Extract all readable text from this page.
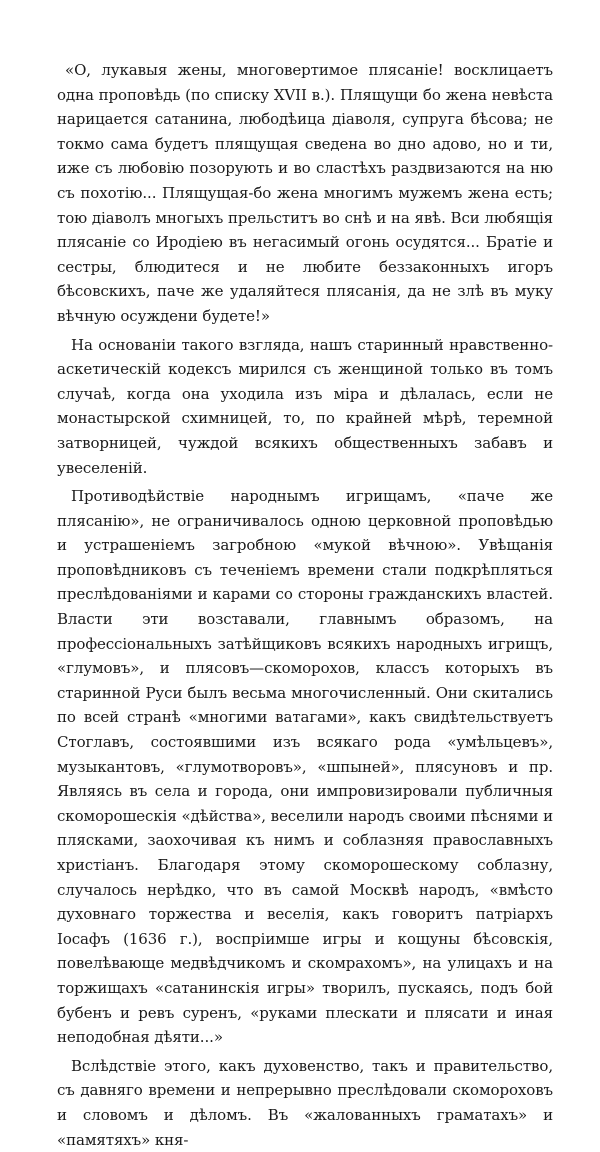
«О, лукавыя жены, многовертимое плясаніе! восклицаетъ одна проповѣдь (по списку XVII в.). Плящущи бо жена невѣста нарицается сатанина, любодѣица діаволя, супруга бѣсова; не токмо сама будетъ плящущая сведена во дно адово, но и ти, иже съ любовію позорують и во сластѣхъ раздвизаются на ню съ похотію... Плящущая-бо жена многимъ мужемъ жена есть; тою діаволъ многыхъ прельститъ во снѣ и на явѣ. Вси любящія плясаніе со Иродіею въ негасимый огонь осудятся... Братіе и сестры, блюдитеся и не любите беззаконныхъ игоръ бѣсовскихъ, паче же удаляйтеся плясанія, да не злѣ въ муку вѣчную осуждени будете!»

На основаніи такого взгляда, нашъ старинный нравственно-аскетическій кодексъ мирился съ женщиной только въ томъ случаѣ, когда она уходила изъ міра и дѣлалась, если не монастырской схимницей, то, по крайней мѣрѣ, теремной затворницей, чуждой всякихъ общественныхъ забавъ и увеселеній.

Противодѣйствіе народнымъ игрищамъ, «паче же плясанію», не ограничивалось одною церковной проповѣдью и устрашеніемъ загробною «мукой вѣчною». Увѣщанія проповѣдниковъ съ теченіемъ времени стали подкрѣпляться преслѣдованіями и карами со стороны гражданскихъ властей. Власти эти возставали, главнымъ образомъ, на профессіональныхъ затѣйщиковъ всякихъ народныхъ игрищъ, «глумовъ», и плясовъ—скоморохов, классъ которыхъ въ старинной Руси былъ весьма многочисленный. Они скитались по всей странѣ «многими ватагами», какъ свидѣтельствуетъ Стоглавъ, состоявшими изъ всякаго рода «умѣльцевъ», музыкантовъ, «глумотворовъ», «шпыней», плясуновъ и пр. Являясь въ села и города, они импровизировали публичныя скоморошескія «дѣйства», веселили народъ своими пѣснями и плясками, заохочивая къ нимъ и соблазняя православныхъ христіанъ. Благодаря этому скоморошескому соблазну, случалось нерѣдко, что въ самой Москвѣ народъ, «вмѣсто духовнаго торжества и веселія, какъ говоритъ патріархъ Іосафъ (1636 г.), воспріимше игры и кощуны бѣсовскія, повелѣвающе медвѣдчикомъ и скомрахомъ», на улицахъ и на торжищахъ «сатанинскія игры» творилъ, пускаясь, подъ бой бубенъ и ревъ суренъ, «руками плескати и плясати и иная неподобная дѣяти...»

Вслѣдствіе этого, какъ духовенство, такъ и правительство, съ давняго времени и непрерывно преслѣдовали скомороховъ и словомъ и дѣломъ. Въ «жалованныхъ граматахъ» и «памятяхъ» кня-
